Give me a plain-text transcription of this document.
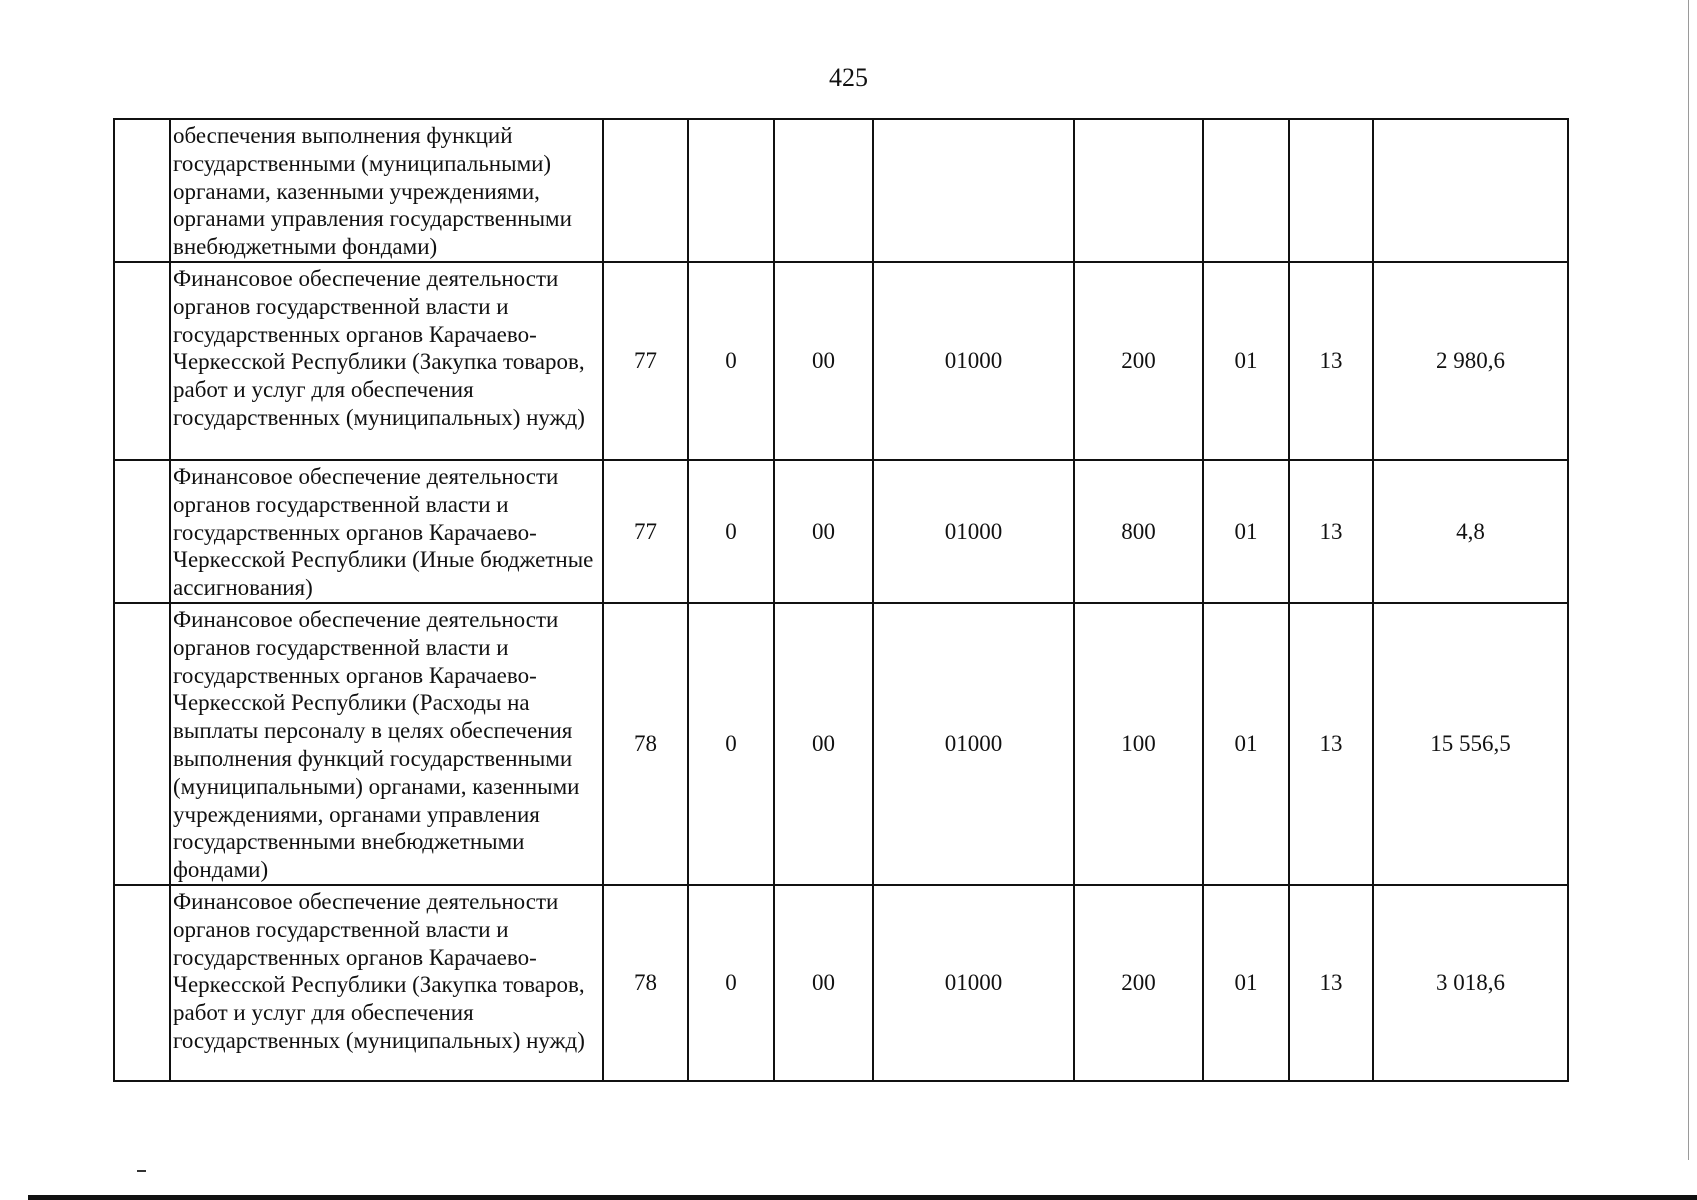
425
	обеспечения выполнения функций государственными (муниципальными) органами, казенными учреждениями, органами управления государственными внебюджетными фондами)								
	Финансовое обеспечение деятельности органов государственной власти и государственных органов Карачаево-Черкесской Республики (Закупка товаров, работ и услуг для обеспечения государственных (муниципальных) нужд)	77	0	00	01000	200	01	13	2 980,6
	Финансовое обеспечение деятельности органов государственной власти и государственных органов Карачаево-Черкесской Республики (Иные бюджетные ассигнования)	77	0	00	01000	800	01	13	4,8
	Финансовое обеспечение деятельности органов государственной власти и государственных органов Карачаево-Черкесской Республики (Расходы на выплаты персоналу в целях обеспечения выполнения функций государственными (муниципальными) органами, казенными учреждениями, органами управления государственными внебюджетными фондами)	78	0	00	01000	100	01	13	15 556,5
	Финансовое обеспечение деятельности органов государственной власти и государственных органов Карачаево-Черкесской Республики (Закупка товаров, работ и услуг для обеспечения государственных (муниципальных) нужд)	78	0	00	01000	200	01	13	3 018,6
